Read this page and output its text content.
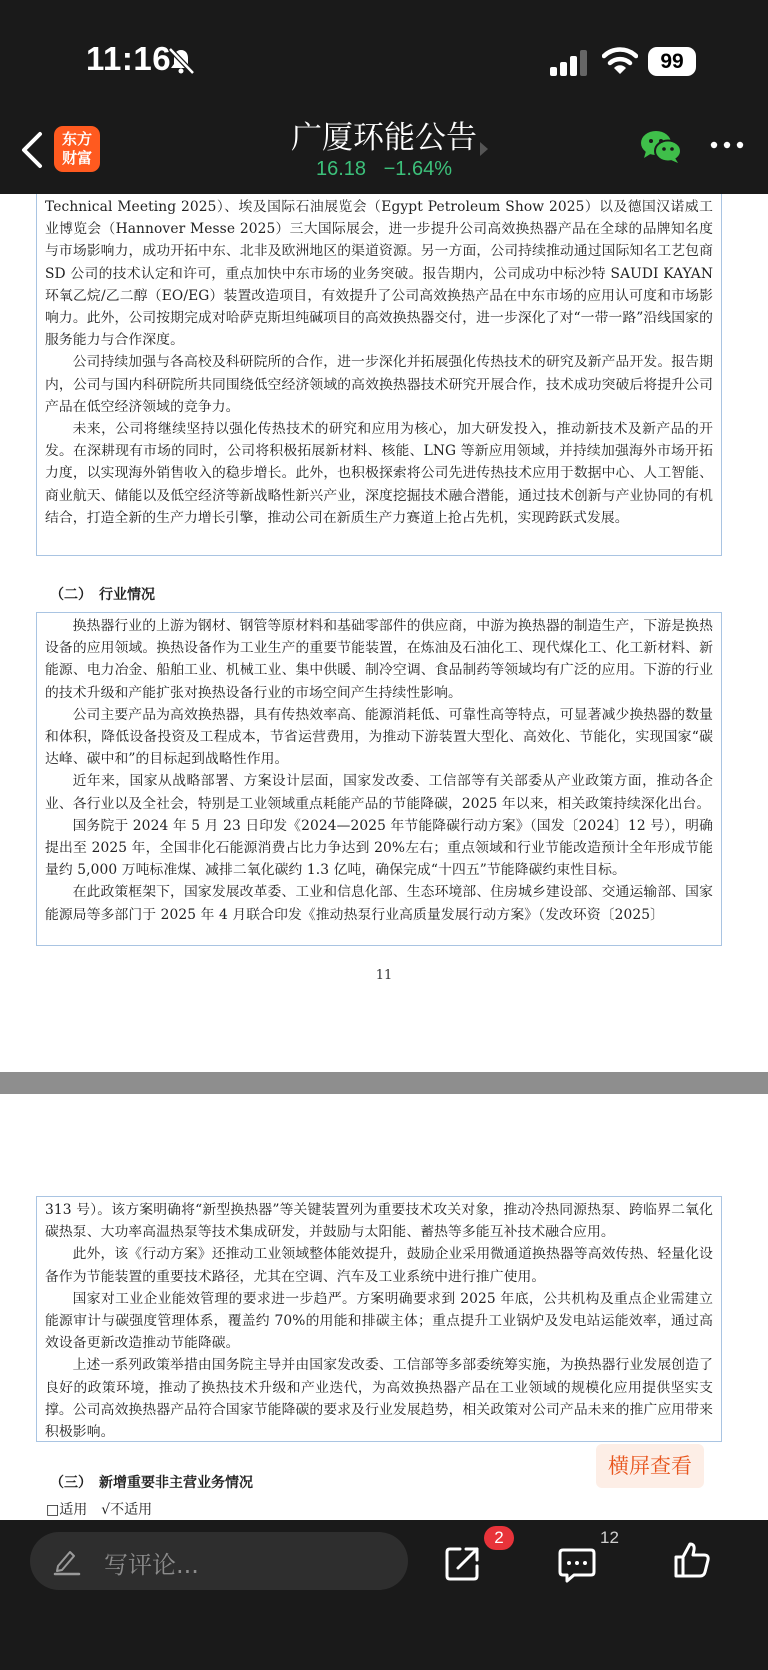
11:16	99
东方
财富
广厦环能公告
16.18 −1.64%

Technical Meeting 2025）、埃及国际石油展览会（Egypt Petroleum Show 2025）以及德国汉诺威工业博览会（Hannover Messe 2025）三大国际展会，进一步提升公司高效换热器产品在全球的品牌知名度与市场影响力，成功开拓中东、北非及欧洲地区的渠道资源。另一方面，公司持续推动通过国际知名工艺包商 SD 公司的技术认定和许可，重点加快中东市场的业务突破。报告期内，公司成功中标沙特 SAUDI KAYAN 环氧乙烷/乙二醇（EO/EG）装置改造项目，有效提升了公司高效换热产品在中东市场的应用认可度和市场影响力。此外，公司按期完成对哈萨克斯坦纯碱项目的高效换热器交付，进一步深化了对“一带一路”沿线国家的服务能力与合作深度。

公司持续加强与各高校及科研院所的合作，进一步深化并拓展强化传热技术的研究及新产品开发。报告期内，公司与国内科研院所共同围绕低空经济领域的高效换热器技术研究开展合作，技术成功突破后将提升公司产品在低空经济领域的竞争力。

未来，公司将继续坚持以强化传热技术的研究和应用为核心，加大研发投入，推动新技术及新产品的开发。在深耕现有市场的同时，公司将积极拓展新材料、核能、LNG 等新应用领域，并持续加强海外市场开拓力度，以实现海外销售收入的稳步增长。此外，也积极探索将公司先进传热技术应用于数据中心、人工智能、商业航天、储能以及低空经济等新战略性新兴产业，深度挖掘技术融合潜能，通过技术创新与产业协同的有机结合，打造全新的生产力增长引擎，推动公司在新质生产力赛道上抢占先机，实现跨跃式发展。

（二）　行业情况

换热器行业的上游为钢材、钢管等原材料和基础零部件的供应商，中游为换热器的制造生产，下游是换热设备的应用领域。换热设备作为工业生产的重要节能装置，在炼油及石油化工、现代煤化工、化工新材料、新能源、电力冶金、船舶工业、机械工业、集中供暖、制冷空调、食品制药等领域均有广泛的应用。下游的行业的技术升级和产能扩张对换热设备行业的市场空间产生持续性影响。

公司主要产品为高效换热器，具有传热效率高、能源消耗低、可靠性高等特点，可显著减少换热器的数量和体积，降低设备投资及工程成本，节省运营费用，为推动下游装置大型化、高效化、节能化，实现国家“碳达峰、碳中和”的目标起到战略性作用。

近年来，国家从战略部署、方案设计层面，国家发改委、工信部等有关部委从产业政策方面，推动各企业、各行业以及全社会，特别是工业领域重点耗能产品的节能降碳，2025 年以来，相关政策持续深化出台。

国务院于 2024 年 5 月 23 日印发《2024—2025 年节能降碳行动方案》（国发〔2024〕12 号），明确提出至 2025 年，全国非化石能源消费占比力争达到 20%左右；重点领域和行业节能改造预计全年形成节能量约 5,000 万吨标准煤、减排二氧化碳约 1.3 亿吨，确保完成“十四五”节能降碳约束性目标。

在此政策框架下，国家发展改革委、工业和信息化部、生态环境部、住房城乡建设部、交通运输部、国家能源局等多部门于 2025 年 4 月联合印发《推动热泵行业高质量发展行动方案》（发改环资〔2025〕

11

313 号）。该方案明确将“新型换热器”等关键装置列为重要技术攻关对象，推动冷热同源热泵、跨临界二氧化碳热泵、大功率高温热泵等技术集成研发，并鼓励与太阳能、蓄热等多能互补技术融合应用。

此外，该《行动方案》还推动工业领域整体能效提升，鼓励企业采用微通道换热器等高效传热、轻量化设备作为节能装置的重要技术路径，尤其在空调、汽车及工业系统中进行推广使用。

国家对工业企业能效管理的要求进一步趋严。方案明确要求到 2025 年底，公共机构及重点企业需建立能源审计与碳强度管理体系，覆盖约 70%的用能和排碳主体；重点提升工业锅炉及发电站运能效率，通过高效设备更新改造推动节能降碳。

上述一系列政策举措由国务院主导并由国家发改委、工信部等多部委统筹实施，为换热器行业发展创造了良好的政策环境，推动了换热技术升级和产业迭代，为高效换热器产品在工业领域的规模化应用提供坚实支撑。公司高效换热器产品符合国家节能降碳的要求及行业发展趋势，相关政策对公司产品未来的推广应用带来积极影响。

（三）　新增重要非主营业务情况
□适用　√不适用
横屏查看
写评论...
2	12
